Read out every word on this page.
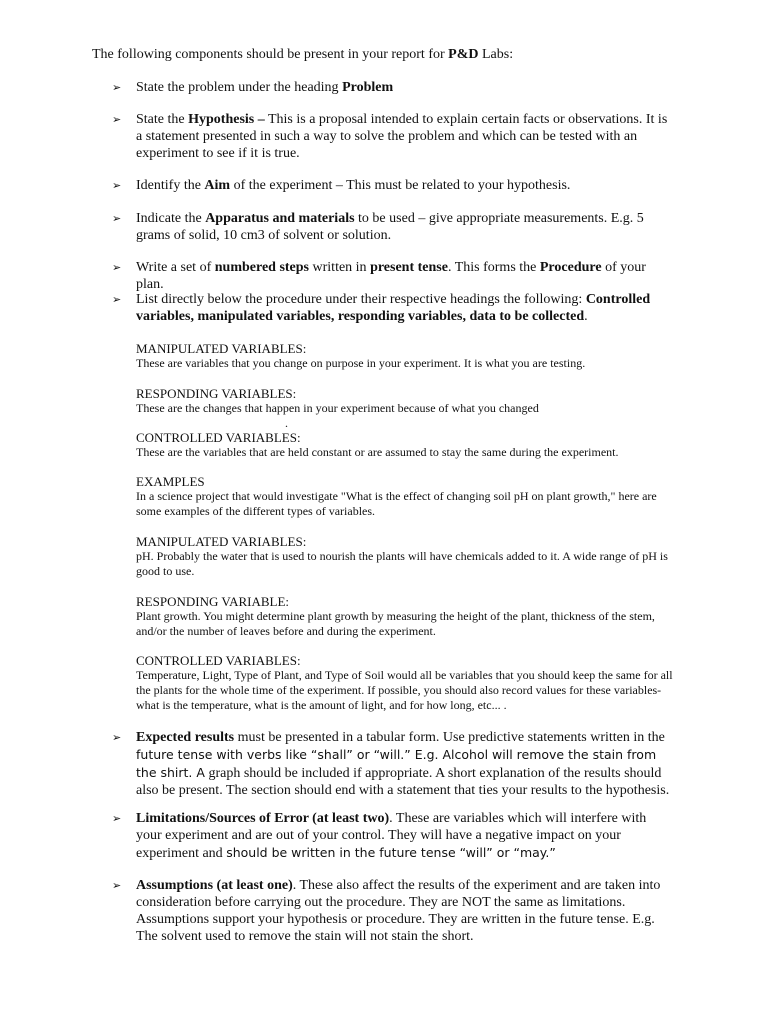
The following components should be present in your report for P&D Labs:
➢ State the problem under the heading Problem
➢ State the Hypothesis – This is a proposal intended to explain certain facts or observations. It is a statement presented in such a way to solve the problem and which can be tested with an experiment to see if it is true.
➢ Identify the Aim of the experiment – This must be related to your hypothesis.
➢ Indicate the Apparatus and materials to be used – give appropriate measurements. E.g. 5 grams of solid, 10 cm3 of solvent or solution.
➢ Write a set of numbered steps written in present tense. This forms the Procedure of your plan.
➢ List directly below the procedure under their respective headings the following: Controlled variables, manipulated variables, responding variables, data to be collected.
MANIPULATED VARIABLES:
These are variables that you change on purpose in your experiment. It is what you are testing.
RESPONDING VARIABLES:
These are the changes that happen in your experiment because of what you changed
.
CONTROLLED VARIABLES:
These are the variables that are held constant or are assumed to stay the same during the experiment.
EXAMPLES
In a science project that would investigate "What is the effect of changing soil pH on plant growth," here are some examples of the different types of variables.
MANIPULATED VARIABLES:
pH. Probably the water that is used to nourish the plants will have chemicals added to it. A wide range of pH is good to use.
RESPONDING VARIABLE:
Plant growth. You might determine plant growth by measuring the height of the plant, thickness of the stem, and/or the number of leaves before and during the experiment.
CONTROLLED VARIABLES:
Temperature, Light, Type of Plant, and Type of Soil would all be variables that you should keep the same for all the plants for the whole time of the experiment. If possible, you should also record values for these variables- what is the temperature, what is the amount of light, and for how long, etc... .
➢ Expected results must be presented in a tabular form. Use predictive statements written in the future tense with verbs like “shall” or “will.” E.g. Alcohol will remove the stain from the shirt. A graph should be included if appropriate. A short explanation of the results should also be present. The section should end with a statement that ties your results to the hypothesis.
➢ Limitations/Sources of Error (at least two). These are variables which will interfere with your experiment and are out of your control. They will have a negative impact on your experiment and should be written in the future tense “will” or “may.”
➢ Assumptions (at least one). These also affect the results of the experiment and are taken into consideration before carrying out the procedure. They are NOT the same as limitations. Assumptions support your hypothesis or procedure. They are written in the future tense. E.g. The solvent used to remove the stain will not stain the short.
